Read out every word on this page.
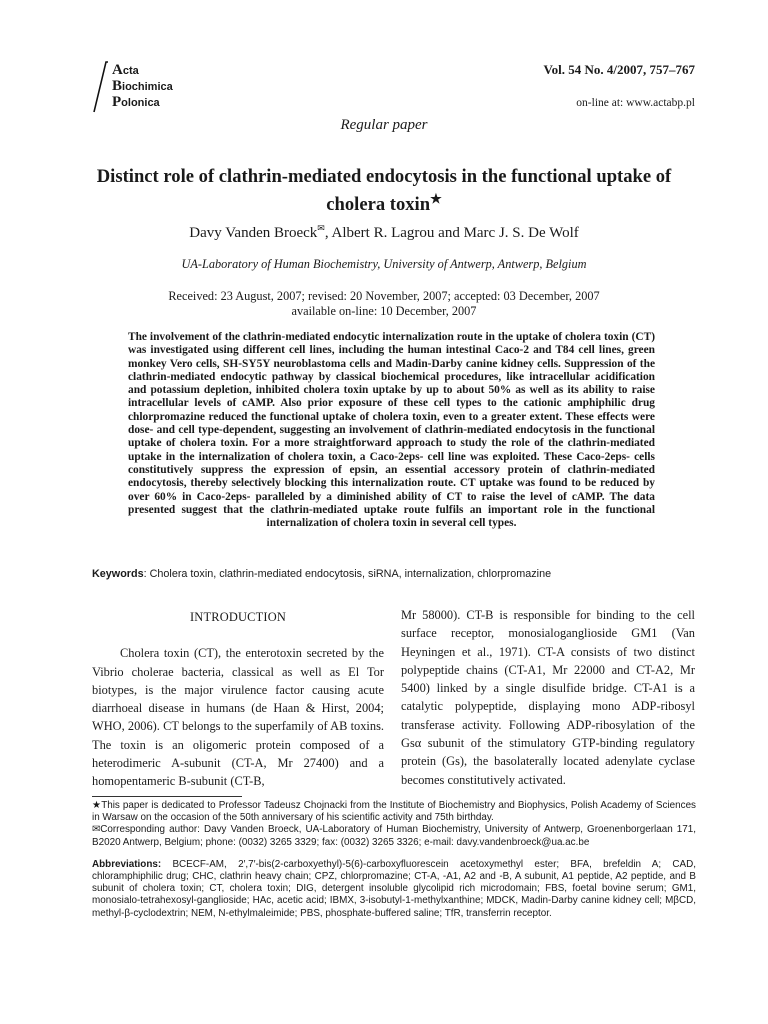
Acta
Biochimica
Polonica
Vol. 54 No. 4/2007, 757–767
on-line at: www.actabp.pl
Regular paper
Distinct role of clathrin-mediated endocytosis in the functional uptake of cholera toxin★
Davy Vanden Broeck✉, Albert R. Lagrou and Marc J. S. De Wolf
UA-Laboratory of Human Biochemistry, University of Antwerp, Antwerp, Belgium
Received: 23 August, 2007; revised: 20 November, 2007; accepted: 03 December, 2007
available on-line: 10 December, 2007
The involvement of the clathrin-mediated endocytic internalization route in the uptake of cholera toxin (CT) was investigated using different cell lines, including the human intestinal Caco-2 and T84 cell lines, green monkey Vero cells, SH-SY5Y neuroblastoma cells and Madin-Darby canine kidney cells. Suppression of the clathrin-mediated endocytic pathway by classical biochemical procedures, like intracellular acidification and potassium depletion, inhibited cholera toxin uptake by up to about 50% as well as its ability to raise intracellular levels of cAMP. Also prior exposure of these cell types to the cationic amphiphilic drug chlorpromazine reduced the functional uptake of cholera toxin, even to a greater extent. These effects were dose- and cell type-dependent, suggesting an involvement of clathrin-mediated endocytosis in the functional uptake of cholera toxin. For a more straightforward approach to study the role of the clathrin-mediated uptake in the internalization of cholera toxin, a Caco-2eps- cell line was exploited. These Caco-2eps- cells constitutively suppress the expression of epsin, an essential accessory protein of clathrin-mediated endocytosis, thereby selectively blocking this internalization route. CT uptake was found to be reduced by over 60% in Caco-2eps- paralleled by a diminished ability of CT to raise the level of cAMP. The data presented suggest that the clathrin-mediated uptake route fulfils an important role in the functional internalization of cholera toxin in several cell types.
Keywords: Cholera toxin, clathrin-mediated endocytosis, siRNA, internalization, chlorpromazine
INTRODUCTION

Cholera toxin (CT), the enterotoxin secreted by the Vibrio cholerae bacteria, classical as well as El Tor biotypes, is the major virulence factor causing acute diarrhoeal disease in humans (de Haan & Hirst, 2004; WHO, 2006). CT belongs to the superfamily of AB toxins. The toxin is an oligomeric protein composed of a heterodimeric A-subunit (CT-A, Mr 27400) and a homopentameric B-subunit (CT-B,

Mr 58000). CT-B is responsible for binding to the cell surface receptor, monosialoganglioside GM1 (Van Heyningen et al., 1971). CT-A consists of two distinct polypeptide chains (CT-A1, Mr 22000 and CT-A2, Mr 5400) linked by a single disulfide bridge. CT-A1 is a catalytic polypeptide, displaying mono ADP-ribosyl transferase activity. Following ADP-ribosylation of the Gsα subunit of the stimulatory GTP-binding regulatory protein (Gs), the basolaterally located adenylate cyclase becomes constitutively activated.

★This paper is dedicated to Professor Tadeusz Chojnacki from the Institute of Biochemistry and Biophysics, Polish Academy of Sciences in Warsaw on the occasion of the 50th anniversary of his scientific activity and 75th birthday.

✉Corresponding author: Davy Vanden Broeck, UA-Laboratory of Human Biochemistry, University of Antwerp, Groenenborgerlaan 171, B2020 Antwerp, Belgium; phone: (0032) 3265 3329; fax: (0032) 3265 3326; e-mail: davy.vandenbroeck@ua.ac.be

Abbreviations: BCECF-AM, 2′,7′-bis(2-carboxyethyl)-5(6)-carboxyfluorescein acetoxymethyl ester; BFA, brefeldin A; CAD, chloramphiphilic drug; CHC, clathrin heavy chain; CPZ, chlorpromazine; CT-A, -A1, A2 and -B, A subunit, A1 peptide, A2 peptide, and B subunit of cholera toxin; CT, cholera toxin; DIG, detergent insoluble glycolipid rich microdomain; FBS, foetal bovine serum; GM1, monosialo-tetrahexosyl-ganglioside; HAc, acetic acid; IBMX, 3-isobutyl-1-methylxanthine; MDCK, Madin-Darby canine kidney cell; MβCD, methyl-β-cyclodextrin; NEM, N-ethylmaleimide; PBS, phosphate-buffered saline; TfR, transferrin receptor.
